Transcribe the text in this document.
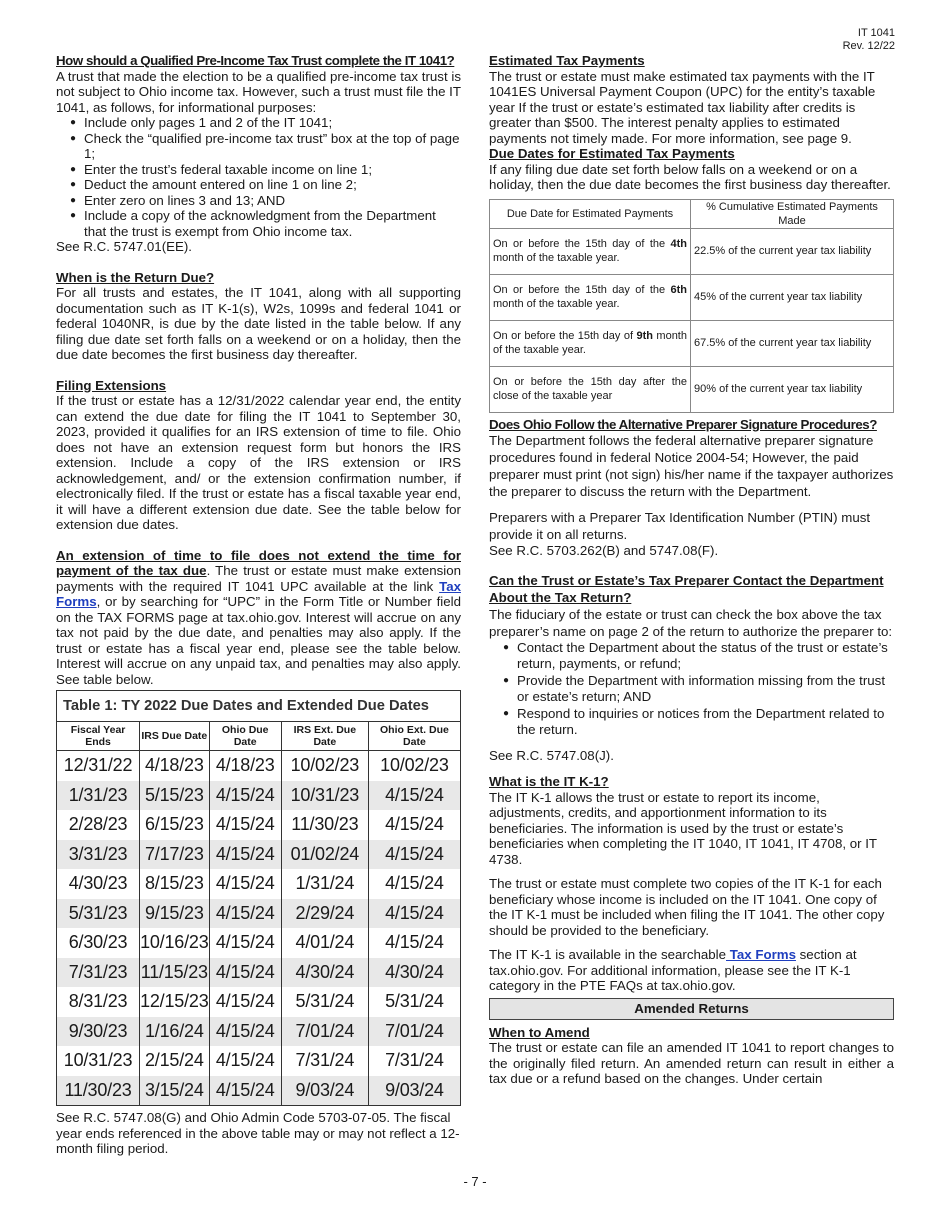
IT 1041
Rev. 12/22

How should a Qualified Pre-Income Tax Trust complete the IT 1041?

A trust that made the election to be a qualified pre-income tax trust is not subject to Ohio income tax. However, such a trust must file the IT 1041, as follows, for informational purposes:

● Include only pages 1 and 2 of the IT 1041;
● Check the “qualified pre-income tax trust” box at the top of page 1;
● Enter the trust’s federal taxable income on line 1;
● Deduct the amount entered on line 1 on line 2;
● Enter zero on lines 3 and 13; AND
● Include a copy of the acknowledgment from the Department that the trust is exempt from Ohio income tax.

See R.C. 5747.01(EE).

When is the Return Due?

For all trusts and estates, the IT 1041, along with all supporting documentation such as IT K-1(s), W2s, 1099s and federal 1041 or federal 1040NR, is due by the date listed in the table below. If any filing due date set forth falls on a weekend or on a holiday, then the due date becomes the first business day thereafter.

Filing Extensions

If the trust or estate has a 12/31/2022 calendar year end, the entity can extend the due date for filing the IT 1041 to September 30, 2023, provided it qualifies for an IRS extension of time to file. Ohio does not have an extension request form but honors the IRS extension. Include a copy of the IRS extension or IRS acknowledgement, and/ or the extension confirmation number, if electronically filed. If the trust or estate has a fiscal taxable year end, it will have a different extension due date. See the table below for extension due dates.

An extension of time to file does not extend the time for payment of the tax due. The trust or estate must make extension payments with the required IT 1041 UPC available at the link Tax Forms, or by searching for “UPC” in the Form Title or Number field on the TAX FORMS page at tax.ohio.gov. Interest will accrue on any tax not paid by the due date, and penalties may also apply. If the trust or estate has a fiscal year end, please see the table below. Interest will accrue on any unpaid tax, and penalties may also apply. See table below.

Table 1: TY 2022 Due Dates and Extended Due Dates				
Fiscal Year Ends	IRS Due Date	Ohio Due Date	IRS Ext. Due Date	Ohio Ext. Due Date
12/31/22	4/18/23	4/18/23	10/02/23	10/02/23
1/31/23	5/15/23	4/15/24	10/31/23	4/15/24
2/28/23	6/15/23	4/15/24	11/30/23	4/15/24
3/31/23	7/17/23	4/15/24	01/02/24	4/15/24
4/30/23	8/15/23	4/15/24	1/31/24	4/15/24
5/31/23	9/15/23	4/15/24	2/29/24	4/15/24
6/30/23	10/16/23	4/15/24	4/01/24	4/15/24
7/31/23	11/15/23	4/15/24	4/30/24	4/30/24
8/31/23	12/15/23	4/15/24	5/31/24	5/31/24
9/30/23	1/16/24	4/15/24	7/01/24	7/01/24
10/31/23	2/15/24	4/15/24	7/31/24	7/31/24
11/30/23	3/15/24	4/15/24	9/03/24	9/03/24

See R.C. 5747.08(G) and Ohio Admin Code 5703-07-05. The fiscal year ends referenced in the above table may or may not reflect a 12-month filing period.

Estimated Tax Payments

The trust or estate must make estimated tax payments with the IT 1041ES Universal Payment Coupon (UPC) for the entity’s taxable year If the trust or estate’s estimated tax liability after credits is greater than $500. The interest penalty applies to estimated payments not timely made. For more information, see page 9.

Due Dates for Estimated Tax Payments

If any filing due date set forth below falls on a weekend or on a holiday, then the due date becomes the first business day thereafter.

Due Date for Estimated Payments	% Cumulative Estimated Payments Made
On or before the 15th day of the 4th month of the taxable year.	22.5% of the current year tax liability
On or before the 15th day of the 6th month of the taxable year.	45% of the current year tax liability
On or before the 15th day of 9th month of the taxable year.	67.5% of the current year tax liability
On or before the 15th day after the close of the taxable year	90% of the current year tax liability

Does Ohio Follow the Alternative Preparer Signature Procedures?

The Department follows the federal alternative preparer signature procedures found in federal Notice 2004-54; However, the paid preparer must print (not sign) his/her name if the taxpayer authorizes the preparer to discuss the return with the Department.

Preparers with a Preparer Tax Identification Number (PTIN) must provide it on all returns.

See R.C. 5703.262(B) and 5747.08(F).

Can the Trust or Estate’s Tax Preparer Contact the Department About the Tax Return?

The fiduciary of the estate or trust can check the box above the tax preparer’s name on page 2 of the return to authorize the preparer to:

● Contact the Department about the status of the trust or estate’s return, payments, or refund;
● Provide the Department with information missing from the trust or estate’s return; AND
● Respond to inquiries or notices from the Department related to the return.

See R.C. 5747.08(J).

What is the IT K-1?

The IT K-1 allows the trust or estate to report its income, adjustments, credits, and apportionment information to its beneficiaries. The information is used by the trust or estate’s beneficiaries when completing the IT 1040, IT 1041, IT 4708, or IT 4738.

The trust or estate must complete two copies of the IT K-1 for each beneficiary whose income is included on the IT 1041. One copy of the IT K-1 must be included when filing the IT 1041. The other copy should be provided to the beneficiary.

The IT K-1 is available in the searchable Tax Forms section at tax.ohio.gov. For additional information, please see the IT K-1 category in the PTE FAQs at tax.ohio.gov.

Amended Returns

When to Amend

The trust or estate can file an amended IT 1041 to report changes to the originally filed return. An amended return can result in either a tax due or a refund based on the changes. Under certain

- 7 -
